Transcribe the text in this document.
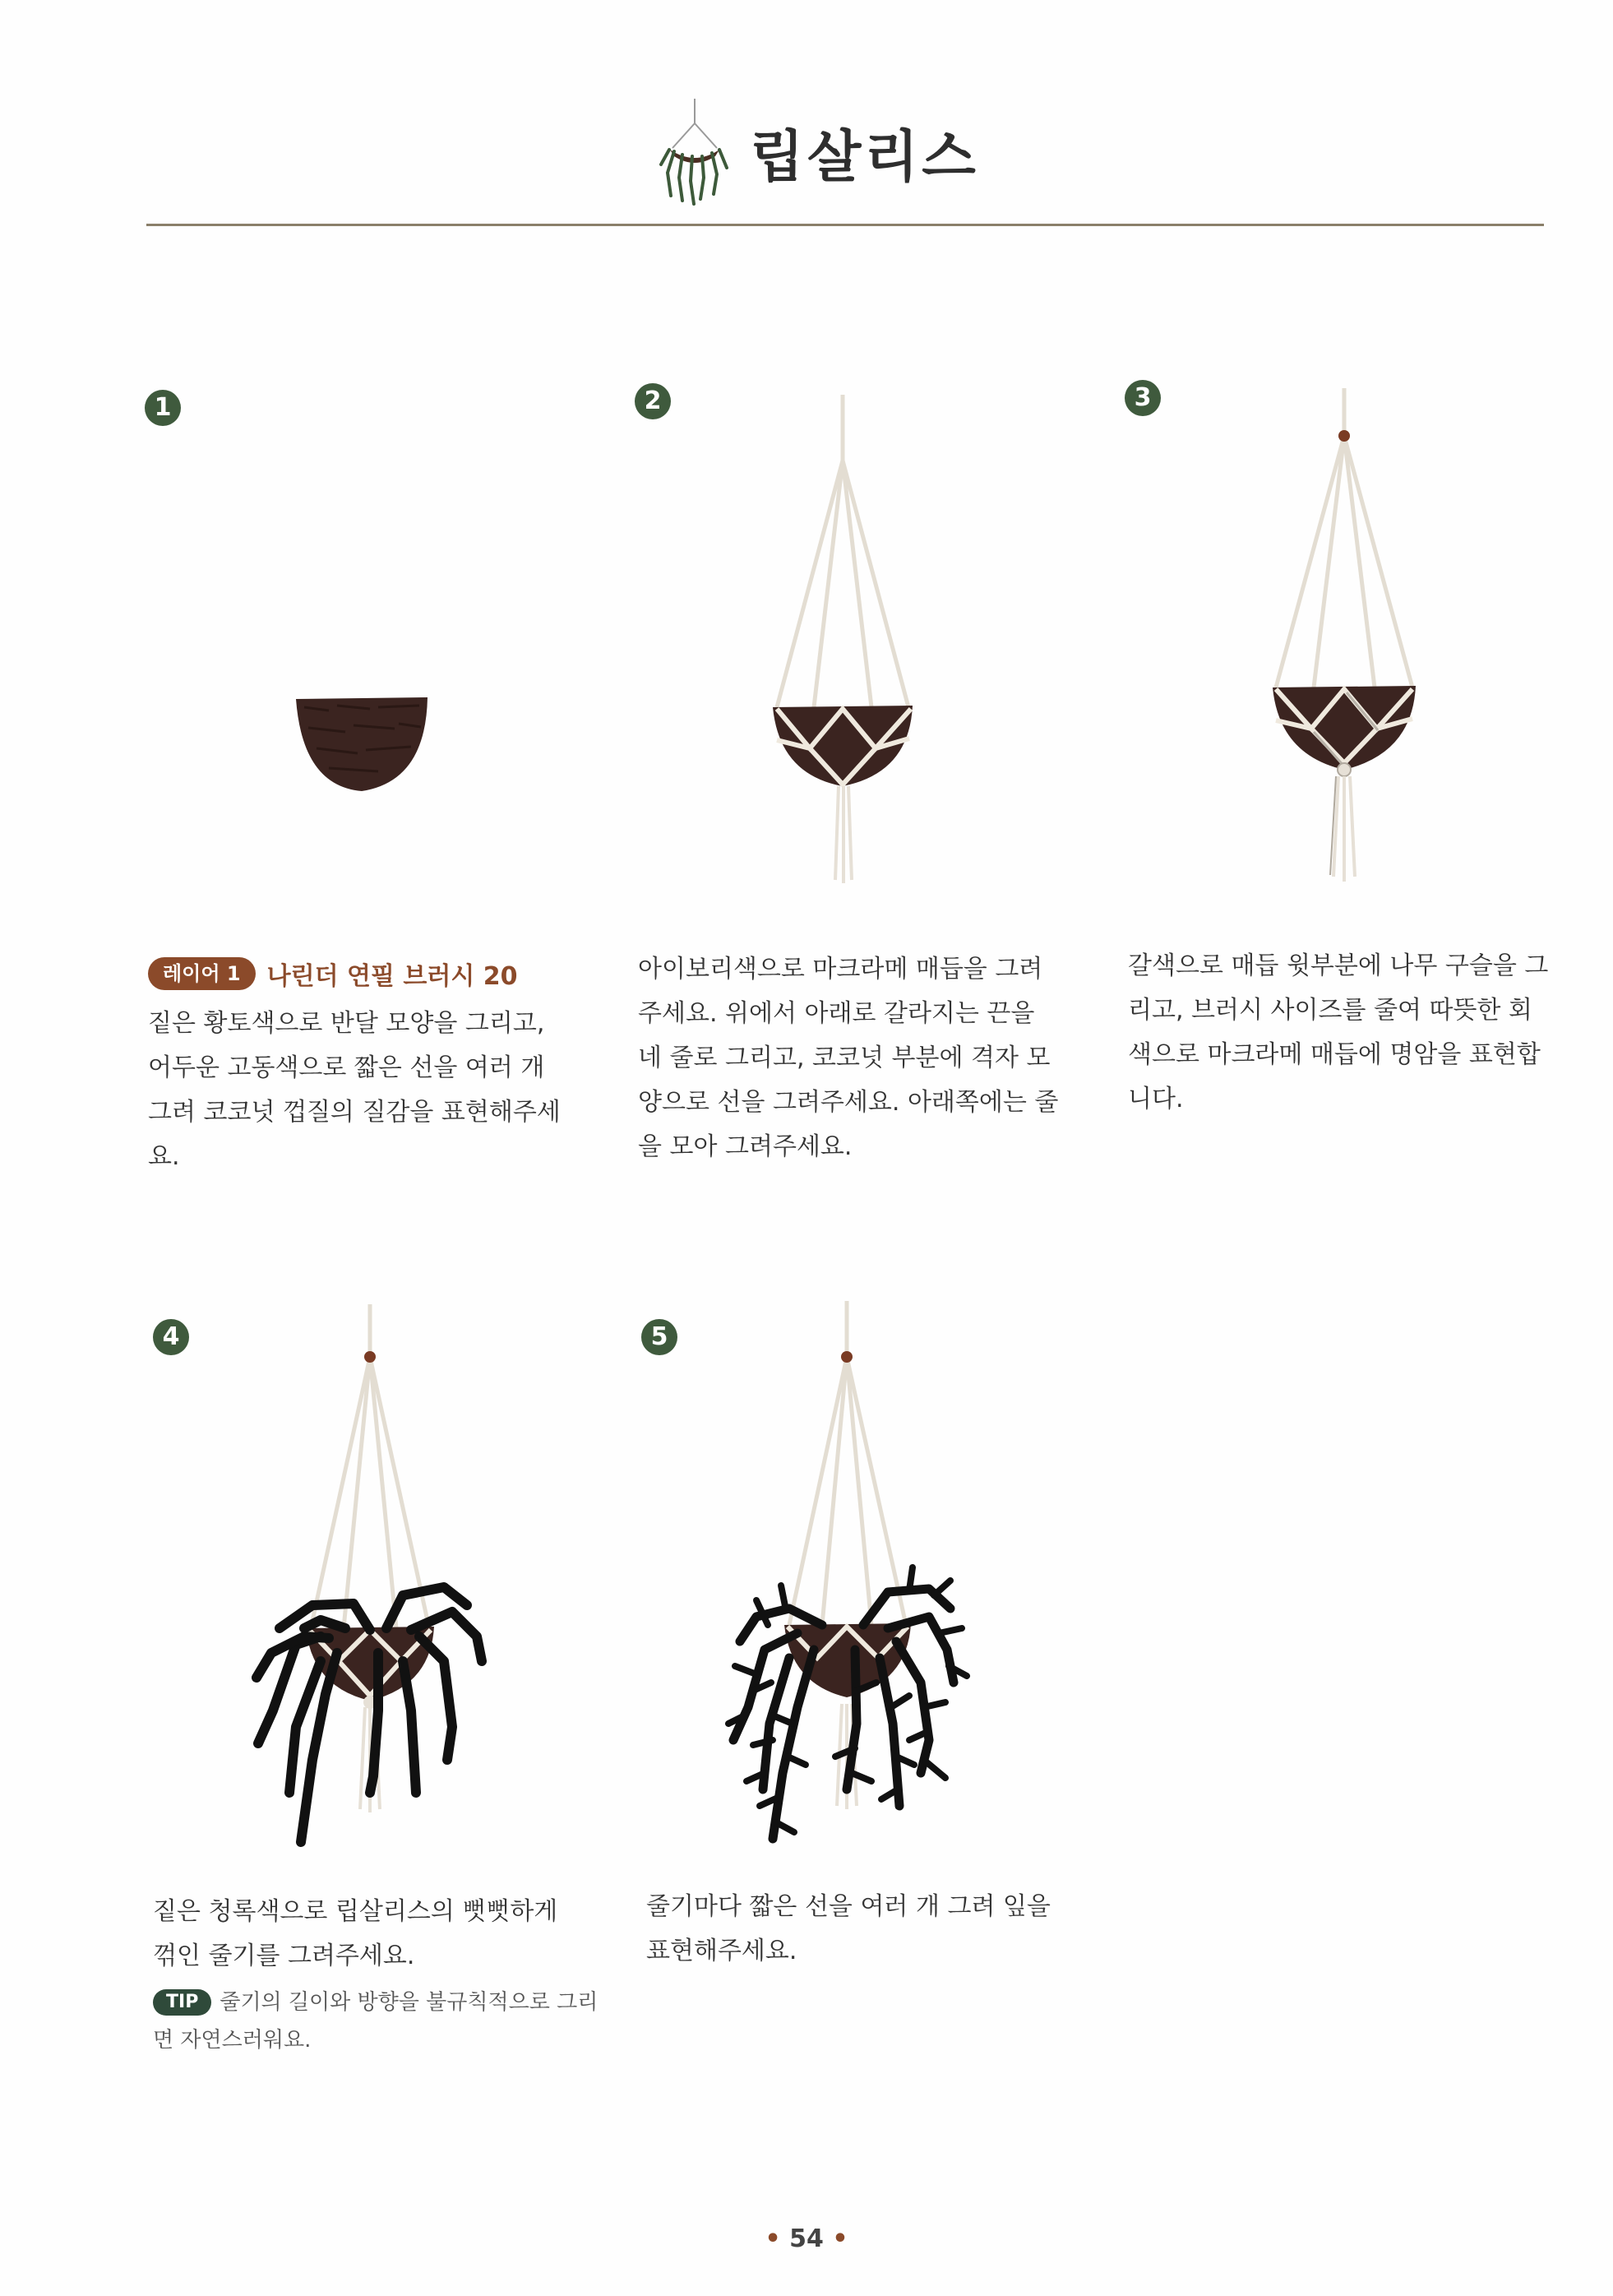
립살리스
1
레이어 1	나린더 연필 브러시 20
짙은 황토색으로 반달 모양을 그리고, 어두운 고동색으로 짧은 선을 여러 개 그려 코코넛 껍질의 질감을 표현해주세요.
2
아이보리색으로 마크라메 매듭을 그려주세요. 위에서 아래로 갈라지는 끈을 네 줄로 그리고, 코코넛 부분에 격자 모양으로 선을 그려주세요. 아래쪽에는 줄을 모아 그려주세요.
3
갈색으로 매듭 윗부분에 나무 구슬을 그리고, 브러시 사이즈를 줄여 따뜻한 회색으로 마크라메 매듭에 명암을 표현합니다.
4
짙은 청록색으로 립살리스의 뻣뻣하게 꺾인 줄기를 그려주세요.
TIP 줄기의 길이와 방향을 불규칙적으로 그리면 자연스러워요.
5
줄기마다 짧은 선을 여러 개 그려 잎을 표현해주세요.
• 54 •
